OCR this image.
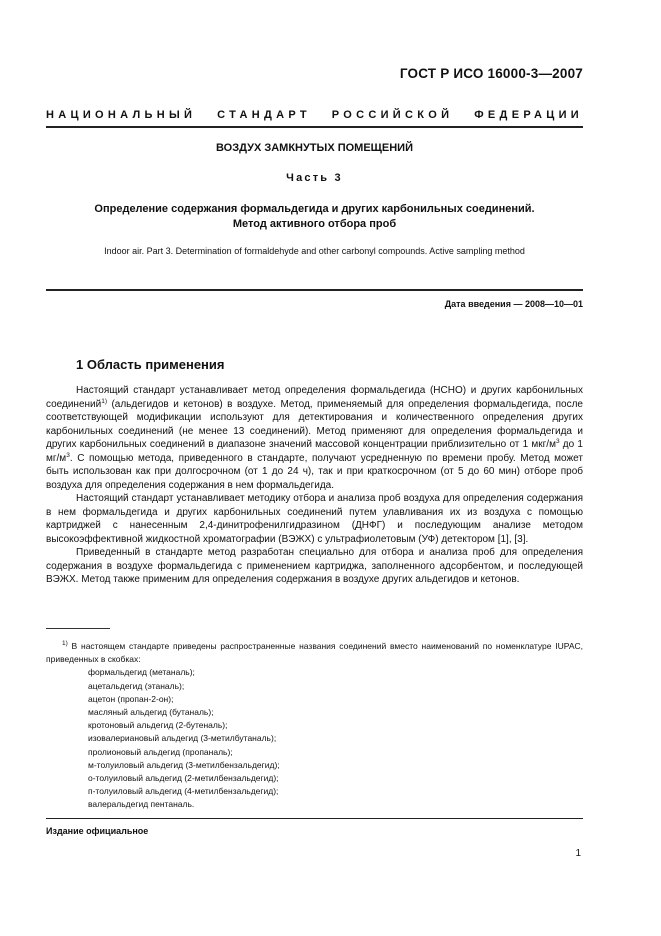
ГОСТ Р ИСО 16000-3—2007
НАЦИОНАЛЬНЫЙ СТАНДАРТ РОССИЙСКОЙ ФЕДЕРАЦИИ
ВОЗДУХ ЗАМКНУТЫХ ПОМЕЩЕНИЙ
Часть 3
Определение содержания формальдегида и других карбонильных соединений.
Метод активного отбора проб
Indoor air. Part 3. Determination of formaldehyde and other carbonyl compounds. Active sampling method
Дата введения — 2008—10—01
1 Область применения

Настоящий стандарт устанавливает метод определения формальдегида (НСНО) и других карбонильных соединений$^{1)}$ (альдегидов и кетонов) в воздухе. Метод, применяемый для определения формальдегида, после соответствующей модификации используют для детектирования и количественного определения других карбонильных соединений (не менее 13 соединений). Метод применяют для определения формальдегида и других карбонильных соединений в диапазоне значений массовой концентрации приблизительно от 1 мкг/$м^3$ до 1 $мг/м^3$. С помощью метода, приведенного в стандарте, получают усредненную по времени пробу. Метод может быть использован как при долгосрочном (от 1 до 24 ч), так и при краткосрочном (от 5 до 60 мин) отборе проб воздуха для определения содержания в нем формальдегида.

Настоящий стандарт устанавливает методику отбора и анализа проб воздуха для определения содержания в нем формальдегида и других карбонильных соединений путем улавливания их из воздуха с помощью картриджей с нанесенным 2,4-динитрофенилгидразином (ДНФГ) и последующим анализе методом высокоэффективной жидкостной хроматографии (ВЭЖХ) с ультрафиолетовым (УФ) детектором [1], [3].

Приведенный в стандарте метод разработан специально для отбора и анализа проб для определения содержания в воздухе формальдегида с применением картриджа, заполненного адсорбентом, и последующей ВЭЖХ. Метод также применим для определения содержания в воздухе других альдегидов и кетонов.

$^{1)}$ В настоящем стандарте приведены распространенные названия соединений вместо наименований по номенклатуре IUPAC, приведенных в скобках:

формальдегид (метаналь);
ацетальдегид (этаналь);
ацетон (пропан-2-он);
масляный альдегид (бутаналь);
кротоновый альдегид (2-бутеналь);
изовалериановый альдегид (3-метилбутаналь);
пролионовый альдегид (пропаналь);
м-толуиловый альдегид (3-метилбензальдегид);
о-толуиловый альдегид (2-метилбензальдегид);
п-толуиловый альдегид (4-метилбензальдегид);
валеральдегид пентаналь.
Издание официальное
1
